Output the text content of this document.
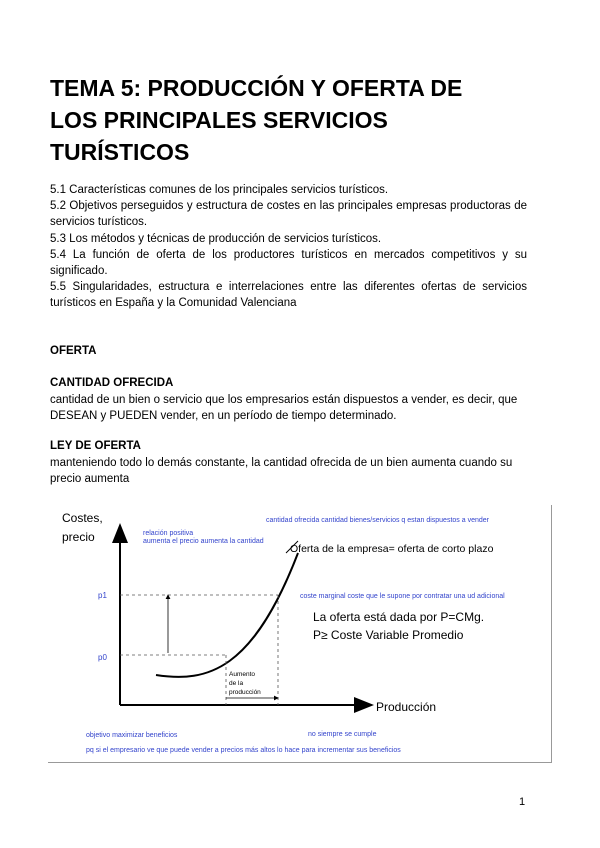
TEMA 5: PRODUCCIÓN Y OFERTA DE
LOS PRINCIPALES SERVICIOS
TURÍSTICOS

5.1 Características comunes de los principales servicios turísticos.

5.2 Objetivos perseguidos y estructura de costes en las principales empresas productoras de servicios turísticos.

5.3 Los métodos y técnicas de producción de servicios turísticos.

5.4 La función de oferta de los productores turísticos en mercados competitivos y su significado.

5.5 Singularidades, estructura e interrelaciones entre las diferentes ofertas de servicios turísticos en España y la Comunidad Valenciana

OFERTA
CANTIDAD OFRECIDA

cantidad de un bien o servicio que los empresarios están dispuestos a vender, es decir, que DESEAN y PUEDEN vender, en un período de tiempo determinado.

LEY DE OFERTA

manteniendo todo lo demás constante, la cantidad ofrecida de un bien aumenta cuando su precio aumenta

Costes,
precio
Producción
Oferta de la empresa= oferta de corto plazo
p1
p0
La oferta está dada por P=CMg.
P≥ Coste Variable Promedio
Aumento
de la
producción
relación positiva
aumenta el precio aumenta la cantidad
cantidad ofrecida cantidad bienes/servicios q estan dispuestos a vender
coste marginal coste que le supone por contratar una ud adicional
objetivo maximizar beneficios	no siempre se cumple
pq si el empresario ve que puede vender a precios más altos lo hace para incrementar sus beneficios
1
